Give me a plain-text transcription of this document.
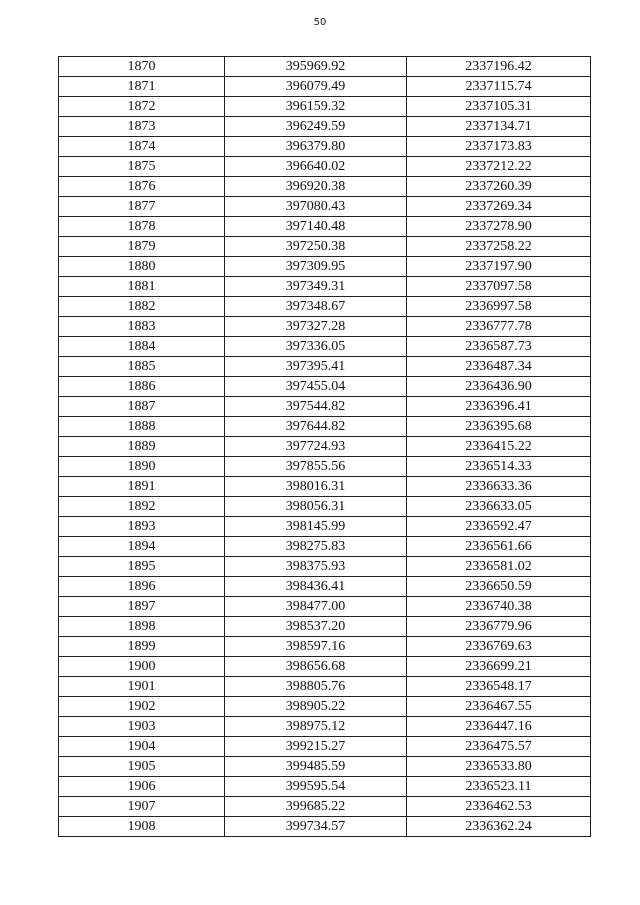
50
1870	395969.92	2337196.42
1871	396079.49	2337115.74
1872	396159.32	2337105.31
1873	396249.59	2337134.71
1874	396379.80	2337173.83
1875	396640.02	2337212.22
1876	396920.38	2337260.39
1877	397080.43	2337269.34
1878	397140.48	2337278.90
1879	397250.38	2337258.22
1880	397309.95	2337197.90
1881	397349.31	2337097.58
1882	397348.67	2336997.58
1883	397327.28	2336777.78
1884	397336.05	2336587.73
1885	397395.41	2336487.34
1886	397455.04	2336436.90
1887	397544.82	2336396.41
1888	397644.82	2336395.68
1889	397724.93	2336415.22
1890	397855.56	2336514.33
1891	398016.31	2336633.36
1892	398056.31	2336633.05
1893	398145.99	2336592.47
1894	398275.83	2336561.66
1895	398375.93	2336581.02
1896	398436.41	2336650.59
1897	398477.00	2336740.38
1898	398537.20	2336779.96
1899	398597.16	2336769.63
1900	398656.68	2336699.21
1901	398805.76	2336548.17
1902	398905.22	2336467.55
1903	398975.12	2336447.16
1904	399215.27	2336475.57
1905	399485.59	2336533.80
1906	399595.54	2336523.11
1907	399685.22	2336462.53
1908	399734.57	2336362.24
